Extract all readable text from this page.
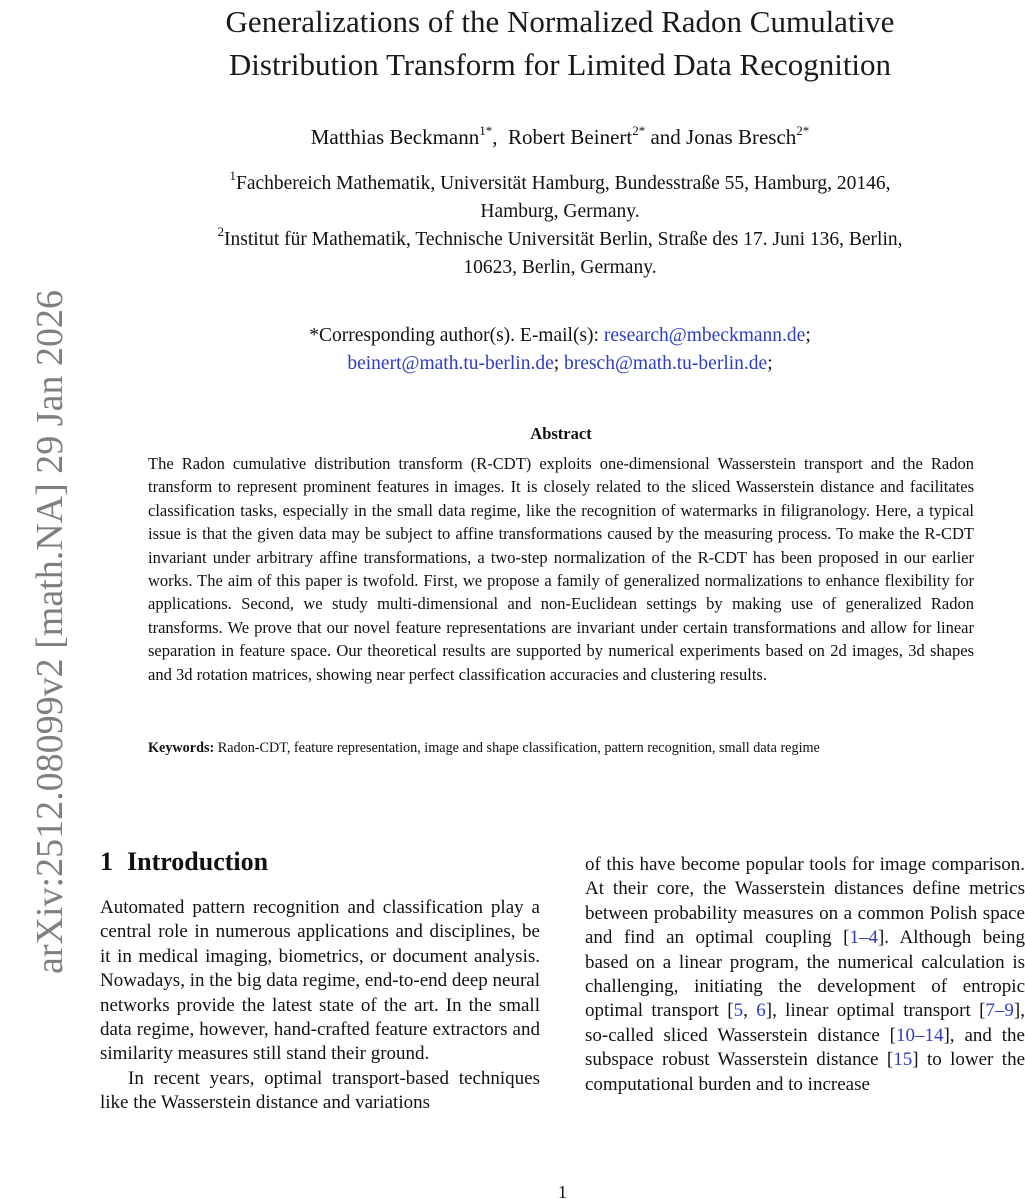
arXiv:2512.08099v2 [math.NA] 29 Jan 2026
Generalizations of the Normalized Radon Cumulative
Distribution Transform for Limited Data Recognition
Matthias Beckmann$^{1*}$,  Robert Beinert$^{2*}$ and Jonas Bresch$^{2*}$
$^1$Fachbereich Mathematik, Universität Hamburg, Bundesstraße 55, Hamburg, 20146,
Hamburg, Germany.
$^2$Institut für Mathematik, Technische Universität Berlin, Straße des 17. Juni 136, Berlin,
10623, Berlin, Germany.
*Corresponding author(s). E-mail(s): research@mbeckmann.de;
beinert@math.tu-berlin.de; bresch@math.tu-berlin.de;
Abstract
The Radon cumulative distribution transform (R-CDT) exploits one-dimensional Wasserstein transport and the Radon transform to represent prominent features in images. It is closely related to the sliced Wasserstein distance and facilitates classification tasks, especially in the small data regime, like the recognition of watermarks in filigranology. Here, a typical issue is that the given data may be subject to affine transformations caused by the measuring process. To make the R-CDT invariant under arbitrary affine transformations, a two-step normalization of the R-CDT has been proposed in our earlier works. The aim of this paper is twofold. First, we propose a family of generalized normalizations to enhance flexibility for applications. Second, we study multi-dimensional and non-Euclidean settings by making use of generalized Radon transforms. We prove that our novel feature representations are invariant under certain transformations and allow for linear separation in feature space. Our theoretical results are supported by numerical experiments based on 2d images, 3d shapes and 3d rotation matrices, showing near perfect classification accuracies and clustering results.
Keywords: Radon-CDT, feature representation, image and shape classification, pattern recognition, small data regime
1 Introduction

Automated pattern recognition and classification play a central role in numerous applications and disciplines, be it in medical imaging, biometrics, or document analysis. Nowadays, in the big data regime, end-to-end deep neural networks provide the latest state of the art. In the small data regime, however, hand-crafted feature extractors and similarity measures still stand their ground.

In recent years, optimal transport-based techniques like the Wasserstein distance and variations

of this have become popular tools for image comparison. At their core, the Wasserstein distances define metrics between probability measures on a common Polish space and find an optimal coupling [1–4]. Although being based on a linear program, the numerical calculation is challenging, initiating the development of entropic optimal transport [5, 6], linear optimal transport [7–9], so-called sliced Wasserstein distance [10–14], and the subspace robust Wasserstein distance [15] to lower the computational burden and to increase

1
